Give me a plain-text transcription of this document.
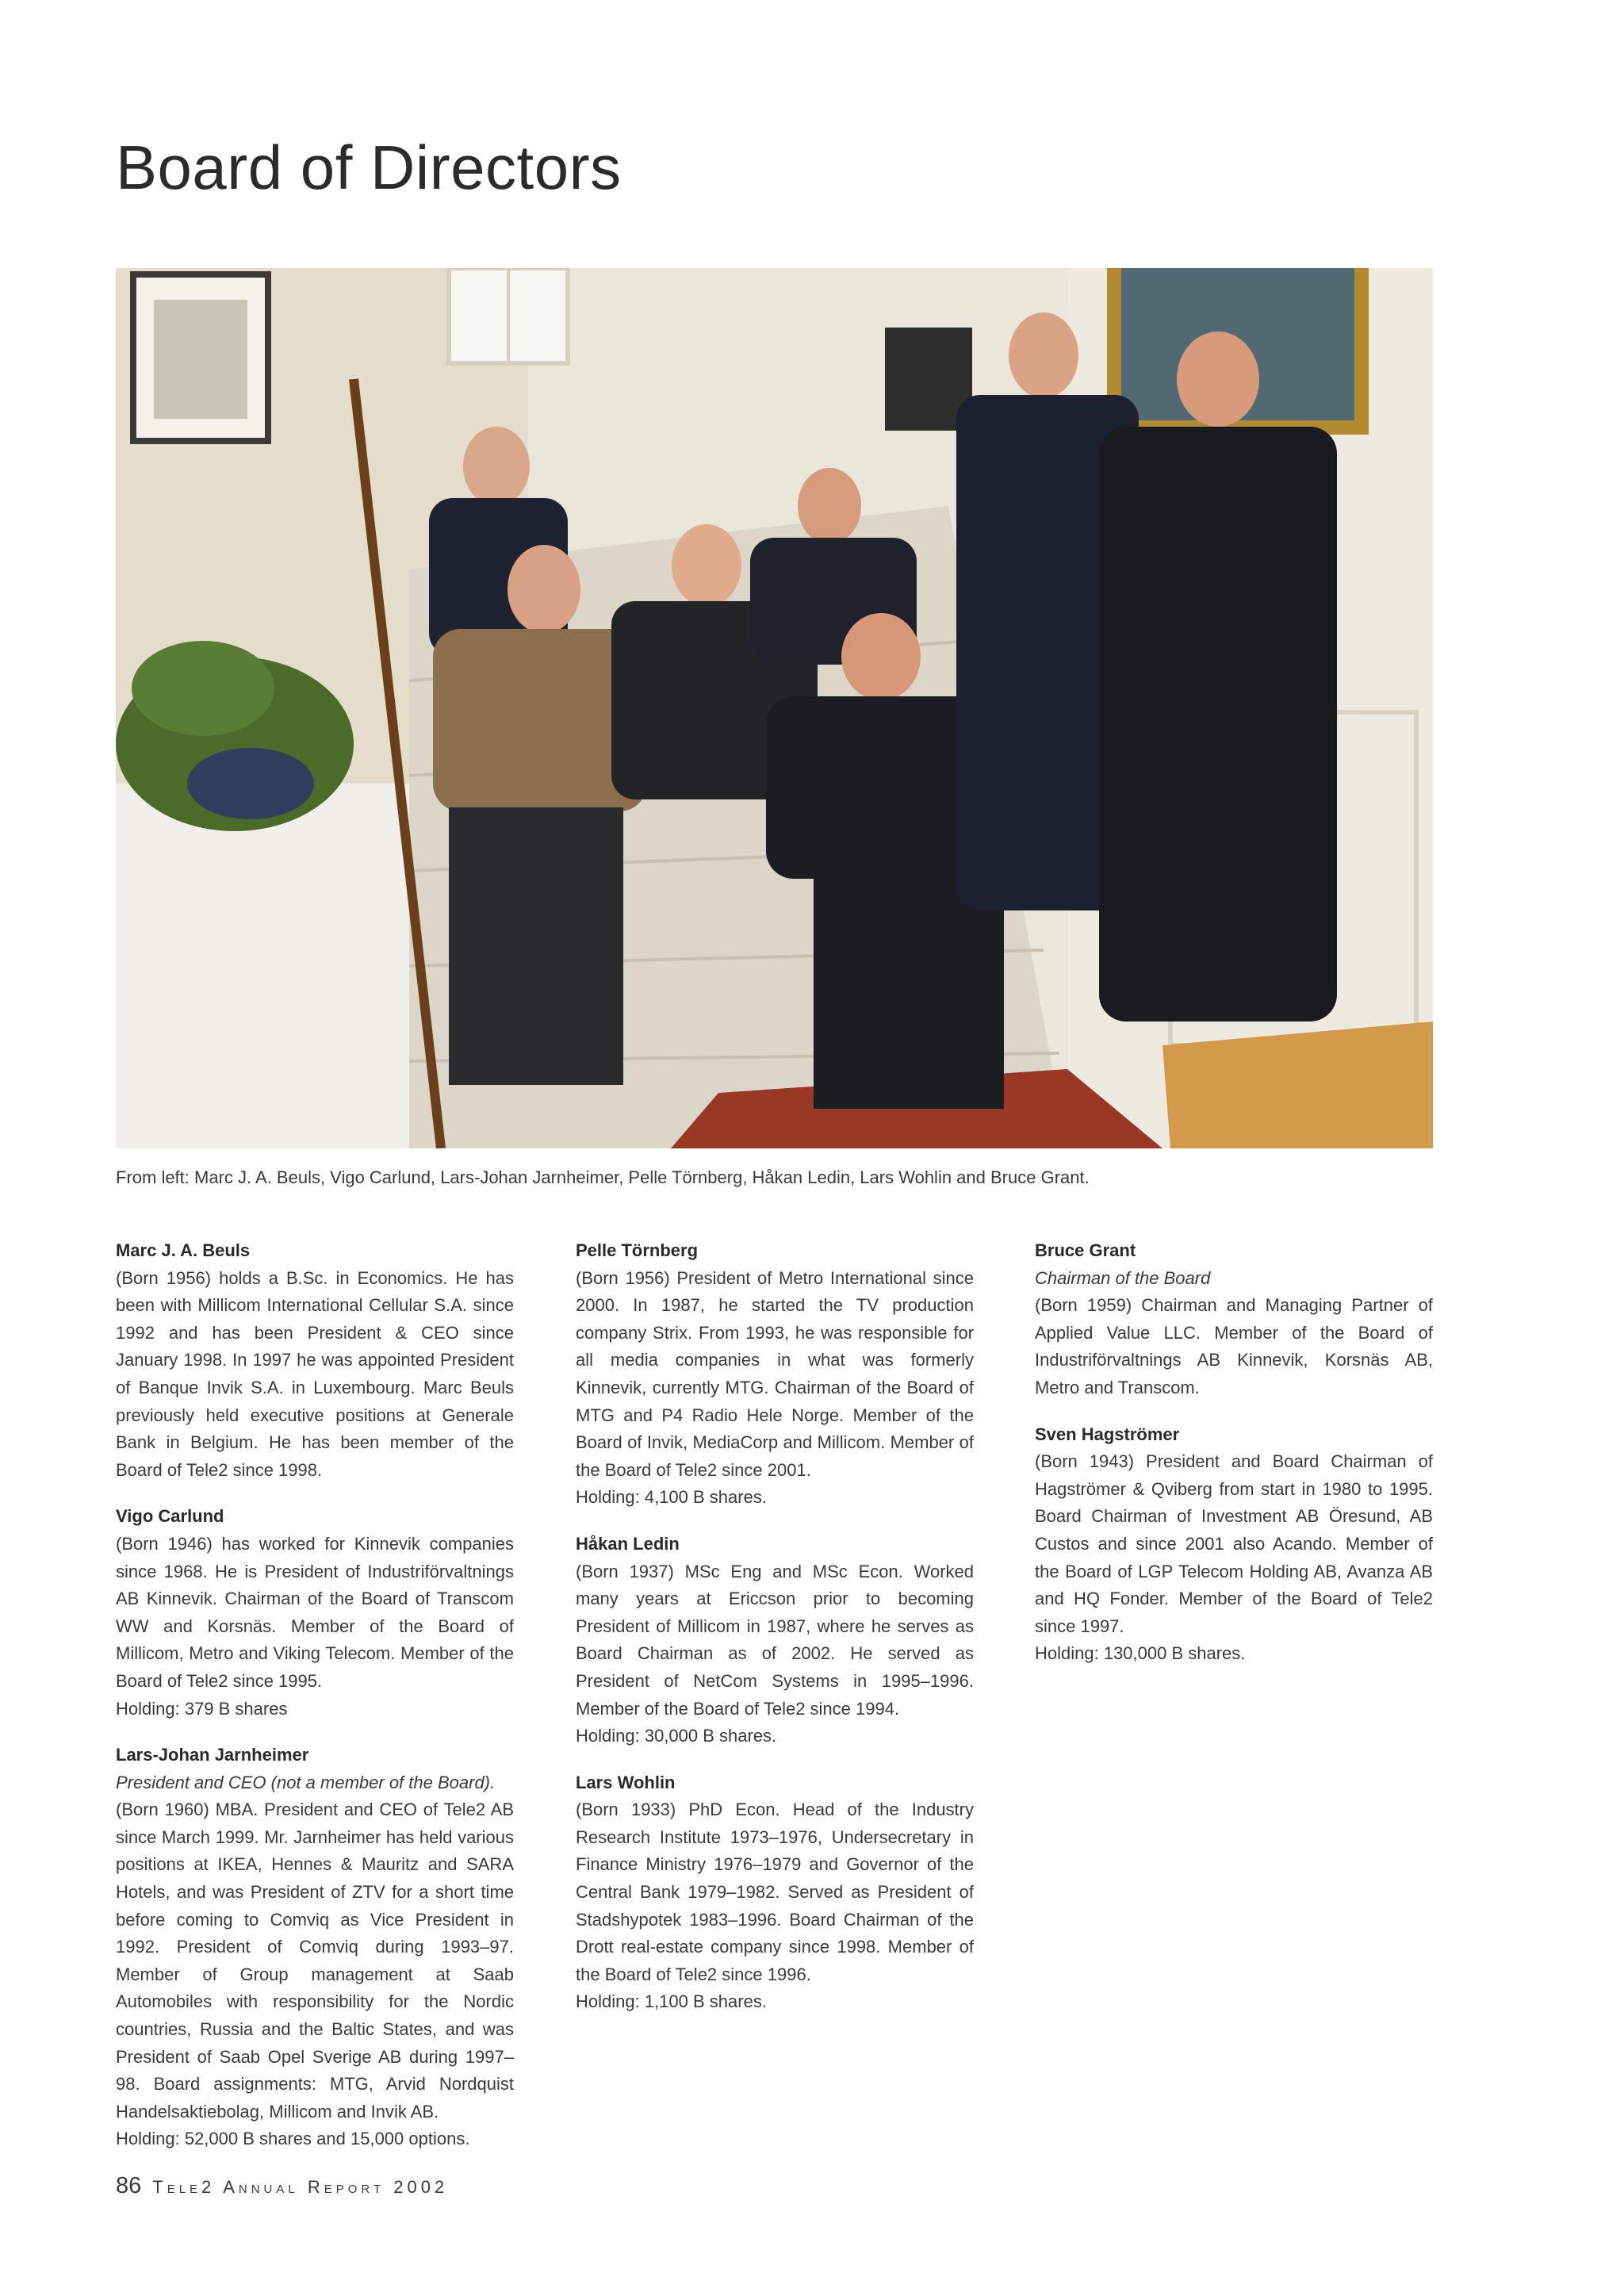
Board of Directors

From left: Marc J. A. Beuls, Vigo Carlund, Lars-Johan Jarnheimer, Pelle Törnberg, Håkan Ledin, Lars Wohlin and Bruce Grant.

Marc J. A. Beuls
(Born 1956) holds a B.Sc. in Economics. He has been with Millicom International Cellular S.A. since 1992 and has been President & CEO since January 1998. In 1997 he was appointed President of Banque Invik S.A. in Luxembourg. Marc Beuls previously held executive positions at Generale Bank in Belgium. He has been member of the Board of Tele2 since 1998.
Vigo Carlund
(Born 1946) has worked for Kinnevik companies since 1968. He is President of Industriförvaltnings AB Kinnevik. Chairman of the Board of Transcom WW and Korsnäs. Member of the Board of Millicom, Metro and Viking Telecom. Member of the Board of Tele2 since 1995.
Holding: 379 B shares
Lars-Johan Jarnheimer
President and CEO (not a member of the Board).
(Born 1960) MBA. President and CEO of Tele2 AB since March 1999. Mr. Jarnheimer has held various positions at IKEA, Hennes & Mauritz and SARA Hotels, and was President of ZTV for a short time before coming to Comviq as Vice President in 1992. President of Comviq during 1993–97. Member of Group management at Saab Automobiles with responsibility for the Nordic countries, Russia and the Baltic States, and was President of Saab Opel Sverige AB during 1997–98. Board assignments: MTG, Arvid Nordquist Handelsaktiebolag, Millicom and Invik AB.
Holding: 52,000 B shares and 15,000 options.
Pelle Törnberg
(Born 1956) President of Metro International since 2000. In 1987, he started the TV production company Strix. From 1993, he was responsible for all media companies in what was formerly Kinnevik, currently MTG. Chairman of the Board of MTG and P4 Radio Hele Norge. Member of the Board of Invik, MediaCorp and Millicom. Member of the Board of Tele2 since 2001.
Holding: 4,100 B shares.
Håkan Ledin
(Born 1937) MSc Eng and MSc Econ. Worked many years at Ericcson prior to becoming President of Millicom in 1987, where he serves as Board Chairman as of 2002. He served as President of NetCom Systems in 1995–1996. Member of the Board of Tele2 since 1994.
Holding: 30,000 B shares.
Lars Wohlin
(Born 1933) PhD Econ. Head of the Industry Research Institute 1973–1976, Undersecretary in Finance Ministry 1976–1979 and Governor of the Central Bank 1979–1982. Served as President of Stadshypotek 1983–1996. Board Chairman of the Drott real-estate company since 1998. Member of the Board of Tele2 since 1996.
Holding: 1,100 B shares.
Bruce Grant
Chairman of the Board
(Born 1959) Chairman and Managing Partner of Applied Value LLC. Member of the Board of Industriförvaltnings AB Kinnevik, Korsnäs AB, Metro and Transcom.
Sven Hagströmer
(Born 1943) President and Board Chairman of Hagströmer & Qviberg from start in 1980 to 1995. Board Chairman of Investment AB Öresund, AB Custos and since 2001 also Acando. Member of the Board of LGP Telecom Holding AB, Avanza AB and HQ Fonder. Member of the Board of Tele2 since 1997.
Holding: 130,000 B shares.
86 Tele2 Annual Report 2002
